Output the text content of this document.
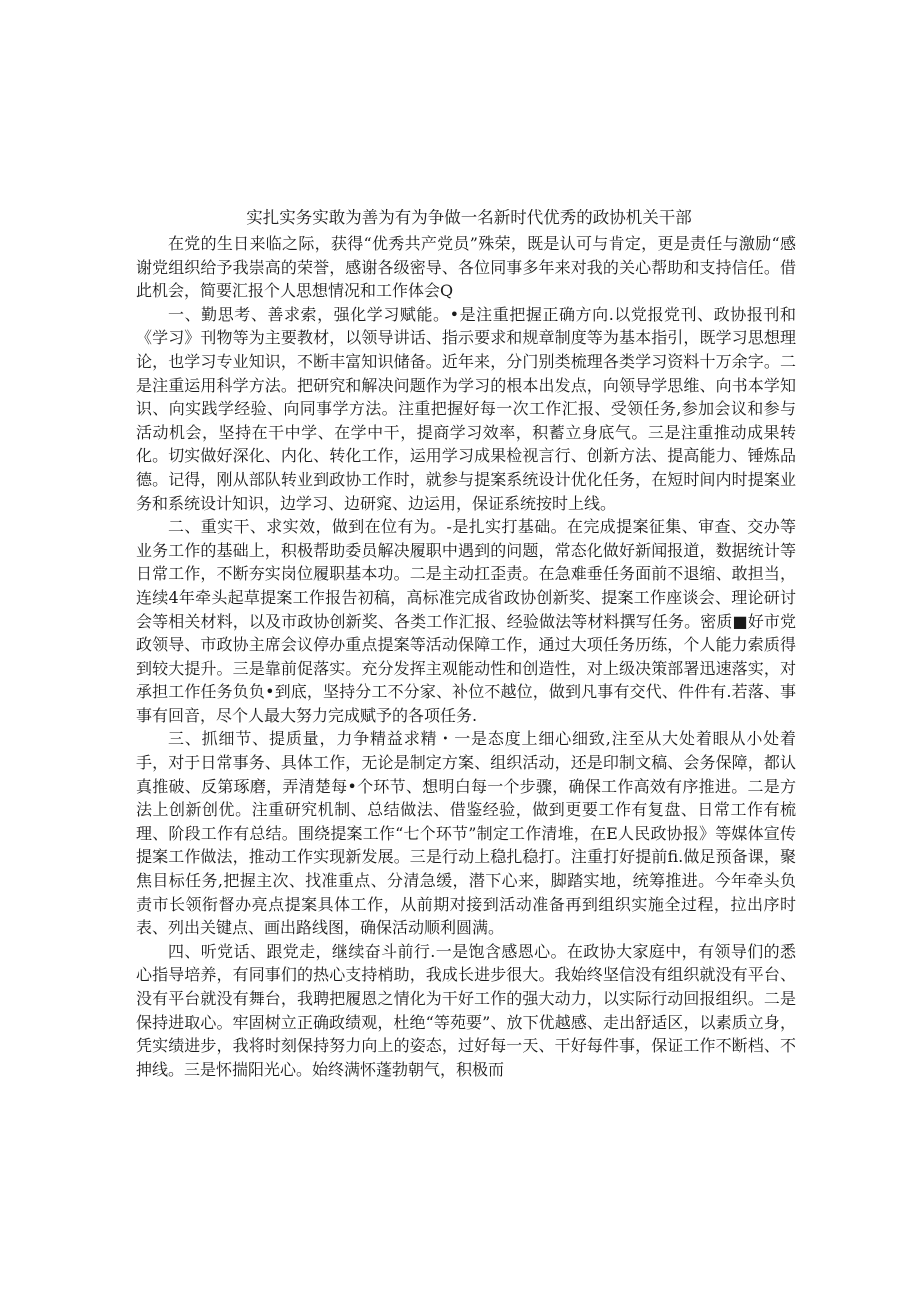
实扎实务实敢为善为有为争做一名新时代优秀的政协机关干部

在党的生日来临之际，获得“优秀共产党员”殊荣，既是认可与肯定，更是责任与激励“感谢党组织给予我崇高的荣誉，感谢各级密导、各位同事多年来对我的关心帮助和支持信任。借此机会，简要汇报个人思想情况和工作体会Q

一、勤思考、善求索，强化学习赋能。•是注重把握正确方向.以党报党刊、政协报刊和《学习》刊物等为主要教材，以领导讲话、指示要求和规章制度等为基本指引，既学习思想理论，也学习专业知识，不断丰富知识储备。近年来，分门别类梳理各类学习资料十万余字。二是注重运用科学方法。把研究和解决问题作为学习的根本出发点，向领导学思维、向书本学知识、向实践学经验、向同事学方法。注重把握好每一次工作汇报、受领任务,参加会议和参与活动机会，坚持在干中学、在学中干，提商学习效率，积蓄立身底气。三是注重推动成果转化。切实做好深化、内化、转化工作，运用学习成果检视言行、创新方法、提高能力、锤炼品德。记得，刚从部队转业到政协工作时，就参与提案系统设计优化任务，在短时间内时提案业务和系统设计知识，边学习、边研窕、边运用，保证系统按时上线。

二、重实干、求实效，做到在位有为。-是扎实打基础。在完成提案征集、审查、交办等业务工作的基础上，积极帮助委员解决履职中遇到的问题，常态化做好新闻报道，数据统计等日常工作，不断夯实岗位履职基本功。二是主动扛歪责。在急难垂任务面前不退缩、敢担当，连续4年牵头起草提案工作报告初稿，高标准完成省政协创新奖、提案工作座谈会、理论研讨会等相关材料，以及市政协创新奖、各类工作汇报、经验做法等材料撰写任务。密质■好市党政领导、市政协主席会议停办重点提案等活动保障工作，通过大项任务历练，个人能力索质得到较大提升。三是靠前促落实。充分发挥主观能动性和创造性，对上级决策部署迅速落实，对承担工作任务负负•到底，坚持分工不分家、补位不越位，做到凡事有交代、件件有.若落、事事有回音，尽个人最大努力完成赋予的各项任务.

三、抓细节、提质量，力争精益求精・一是态度上细心细致,注至从大处着眼从小处着手，对于日常事务、具体工作，无论是制定方案、组织活动，还是印制文稿、会务保障，都认真推破、反第琢磨，弄清楚每•个环节、想明白每一个步骤，确保工作高效有序推进。二是方法上创新创优。注重研究机制、总结做法、借鉴经验，做到更要工作有复盘、日常工作有梳理、阶段工作有总结。围绕提案工作“七个环节”制定工作清堆，在E人民政协报》等媒体宣传提案工作做法，推动工作实现新发展。三是行动上稳扎稳打。注重打好提前fi.做足预备课，聚焦目标任务,把握主次、找准重点、分清急缓，潜下心来，脚踏实地，统筹推进。今年牵头负责市长领衔督办亮点提案具体工作，从前期对接到活动准备再到组织实施全过程，拉出序时表、列出关键点、画出路线图，确保活动顺利圆满。

四、听党话、跟党走，继续奋斗前行.一是饱含感恩心。在政协大家庭中，有领导们的悉心指导培养，有同事们的热心支持梢助，我成长进步很大。我始终坚信没有组织就没有平台、没有平台就没有舞台，我聘把履恩之情化为干好工作的强大动力，以实际行动回报组织。二是保持进取心。牢固树立正确政绩观，杜绝“等苑要”、放下优越感、走出舒适区，以素质立身，凭实绩进步，我将时刻保持努力向上的姿态，过好每一天、干好每件事，保证工作不断档、不抻线。三是怀揣阳光心。始终满怀蓬勃朝气，积极而
